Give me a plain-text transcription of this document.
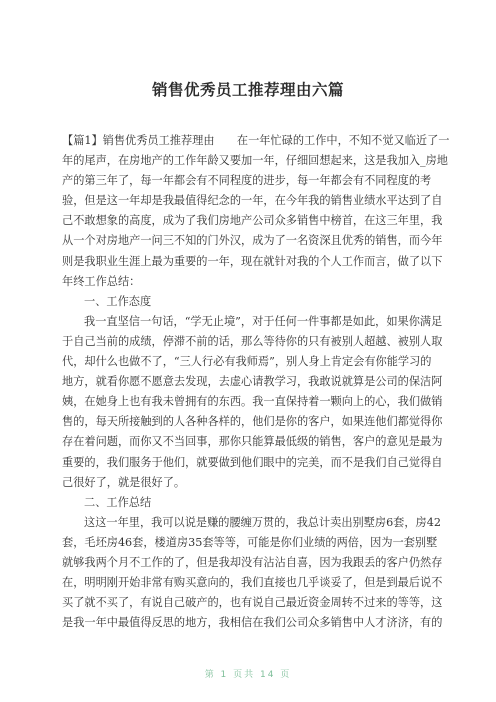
销售优秀员工推荐理由六篇
【篇1】销售优秀员工推荐理由　　在一年忙碌的工作中，不知不觉又临近了一
年的尾声，在房地产的工作年龄又要加一年，仔细回想起来，这是我加入_房地
产的第三年了，每一年都会有不同程度的进步，每一年都会有不同程度的考
验，但是这一年却是我最值得纪念的一年，在今年我的销售业绩水平达到了自
己不敢想象的高度，成为了我们房地产公司众多销售中榜首，在这三年里，我
从一个对房地产一问三不知的门外汉，成为了一名资深且优秀的销售，而今年
则是我职业生涯上最为重要的一年，现在就针对我的个人工作而言，做了以下
年终工作总结：
一、工作态度
我一直坚信一句话，“学无止境”，对于任何一件事都是如此，如果你满足
于自己当前的成绩，停滞不前的话，那么等待你的只有被别人超越、被别人取
代，却什么也做不了，“三人行必有我师焉”，别人身上肯定会有你能学习的
地方，就看你愿不愿意去发现，去虚心请教学习，我敢说就算是公司的保洁阿
姨，在她身上也有我未曾拥有的东西。我一直保持着一颗向上的心，我们做销
售的，每天所接触到的人各种各样的，他们是你的客户，如果连他们都觉得你
存在着问题，而你又不当回事，那你只能算最低级的销售，客户的意见是最为
重要的，我们服务于他们，就要做到他们眼中的完美，而不是我们自己觉得自
己很好了，就是很好了。
二、工作总结
这这一年里，我可以说是赚的腰缠万贯的，我总计卖出别墅房6套，房42
套，毛坯房46套，楼道房35套等等，可能是你们业绩的两倍，因为一套别墅
就够我两个月不工作的了，但是我却没有沾沾自喜，因为我跟丢的客户仍然存
在，明明刚开始非常有购买意向的，我们直接也几乎谈妥了，但是到最后说不
买了就不买了，有说自己破产的，也有说自己最近资金周转不过来的等等，这
是我一年中最值得反思的地方，我相信在我们公司众多销售中人才济济，有的
第 1 页共 14 页
